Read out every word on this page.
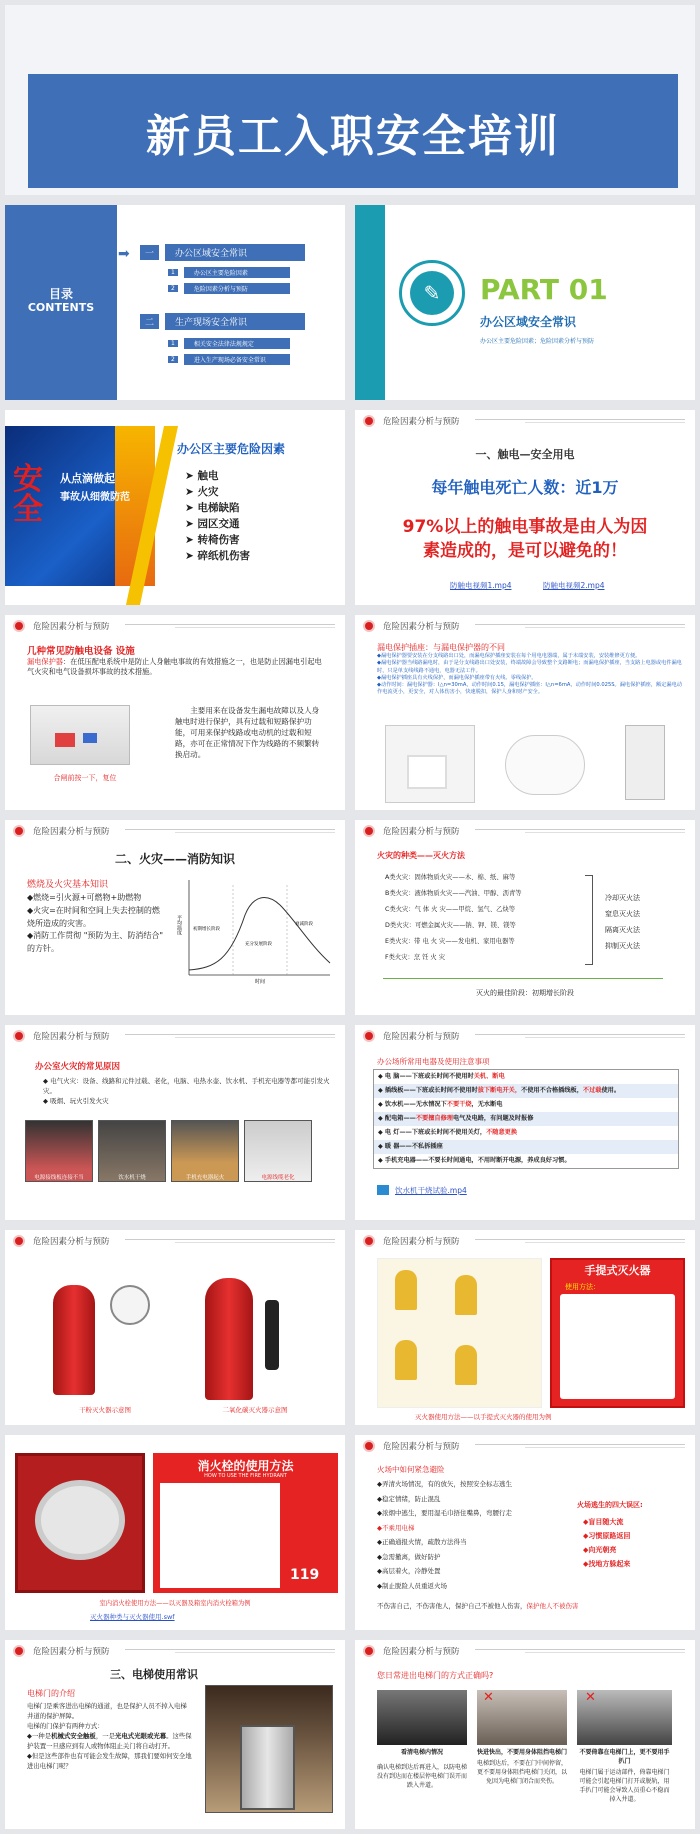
新员工入职安全培训
目录
CONTENTS
➡	一	办公区域安全常识
1	办公区主要危险因素
2	危险因素分析与预防
二	生产现场安全常识
1	相关安全法律法规规定
2	进入生产现场必备安全常识
✎	PART 01
办公区域安全常识
办公区主要危险因素；危险因素分析与预防
安全
从点滴做起
事故从细微防范
办公区主要危险因素
➤ 触电
➤ 火灾
➤ 电梯缺陷
➤ 园区交通
➤ 转椅伤害
➤ 碎纸机伤害
危险因素分析与预防
一、触电—安全用电
每年触电死亡人数：近1万
97%以上的触电事故是由人为因素造成的，是可以避免的！
防触电视频1.mp4	防触电视频2.mp4
危险因素分析与预防
几种常见防触电设备 设施
漏电保护器：在低压配电系统中是防止人身触电事故的有效措施之一，也是防止因漏电引起电气火灾和电气设备损坏事故的技术措施。
合闸前按一下，复位
主要用来在设备发生漏电故障以及人身触电时进行保护，具有过载和短路保护功能，可用来保护线路或电动机的过载和短路，亦可在正常情况下作为线路的不频繁转换启动。
危险因素分析与预防
漏电保护插座：与漏电保护器的不同
◆漏电保护器要安装在分支线路出口处，而漏电保护插座安装在每个用电电器端，属于末端安装，安装维修更方便。
◆漏电保护器当线路漏电时，由于是分支线路出口处安装，终端故障会导致整个支路断电；而漏电保护插座，当支路上电器或电件漏电时，只是单支线线路不通电，电器无法工作。
◆漏电保护插座具有火线保护，而漏电保护插座带有火线、零线保护。
◆动作时间：漏电保护器：I△n=30mA，动作时间0.15，漏电保护插座：I△n=6mA，动作时间0.025S。漏电保护插座，额定漏电动作电流更小，更安全，对人体伤害小，快速脱扣，保护人身和财产安全。
危险因素分析与预防
二、火灾——消防知识
燃烧及火灾基本知识
◆燃烧=引火源+可燃物+助燃物
◆火灾=在时间和空间上失去控制的燃烧所造成的灾害。
◆消防工作贯彻 "预防为主、防消结合" 的方针。
平均温度
时间
初期增长阶段
充分发展阶段
衰减阶段
危险因素分析与预防
火灾的种类——灭火方法
A类火灾：固体物质火灾——木、棉、纸、麻等
B类火灾：液体物质火灾——汽油、甲醇、沥青等
C类火灾：气 体 火 灾——甲烷、氢气、乙炔等
D类火灾：可燃金属火灾——钠、钾、镁、镁等
E类火灾：带 电 火 灾——发电机、家用电器等
F类火灾：烹 饪 火 灾
冷却灭火法
窒息灭火法
隔离灭火法
抑制灭火法
灭火的最佳阶段：初期增长阶段
危险因素分析与预防
办公室火灾的常见原因
◆ 电气火灾：设备、线路和元件过载、老化，电脑、电热水壶、饮水机、手机充电器等都可能引发火灾。
◆ 吸烟、玩火引发火灾
电源接线板连接不当	饮水机干烧	手机充电器起火	电源线缆老化
危险因素分析与预防
办公场所常用电器及使用注意事项
◆ 电 脑——下班或长时间不使用时关机、断电
◆ 插线板——下班或长时间不使用时拔下断电开关，不使用不合格插线板，不过载使用。
◆ 饮水机——无水情况下不要干烧，无水断电
◆ 配电箱——不要擅自修理电气及电路，有问题及时报修
◆ 电 灯——下班或长时间不使用关灯，不随意更换
◆ 暖 器——不私拆插座
◆ 手机充电器——不要长时间通电，不用时断开电源，养成良好习惯。
饮水机干烧试验.mp4
危险因素分析与预防
干粉灭火器示意图	二氧化碳灭火器示意图
危险因素分析与预防
手提式灭火器
使用方法：
灭火器使用方法——以手提式灭火器的使用为例
消火栓的使用方法
HOW TO USE THE FIRE HYDRANT
119
室内消火栓使用方法——以灭器及箱室内消火栓箱为例
灭火器种类与灭火器使用.swf
危险因素分析与预防
火场中如何紧急避险
◆弄清火场情况，有的放矢，按照安全标志逃生
◆稳定情绪，防止混乱
◆浓烟中逃生，要用湿毛巾捂住嘴鼻，弯腰行走
◆不乘用电梯
◆正确通报火情，疏散方法得当
◆急需撤离，做好防护
◆高层着火，冷静处置
◆制止脱险人员重返火场
火场逃生的四大误区:
◆盲目随大流
◆习惯原路返回
◆向光朝亮
◆找地方躲起来
不伤害自己，不伤害他人，保护自己不被他人伤害，保护他人不被伤害
危险因素分析与预防
三、电梯使用常识
电梯门的介绍
电梯门是乘客进出电梯的通道，也是保护人员不掉入电梯井道的保护屏障。
电梯的门保护有两种方式：
◆一种是机械式安全触板，一是光电式光眼或光幕。这些保护装置一旦感应到有人或物体阻止关门将自动打开。
◆但是这些部件也有可能会发生故障，那我们要如何安全地进出电梯门呢？
危险因素分析与预防
您日常进出电梯门的方式正确吗?
✕	✕
看清电梯内情况
确认电梯到达后再进入，以防电梯没有到达而在楼层停电梯门误开而跌入井道。
快进快出，不要用身体阻挡电梯门
电梯到达后，不要在门中间停留，更不要用身体阻挡电梯门关闭，以免因为电梯门闭合而夹伤。
不要倚靠在电梯门上，更不要用手扒门
电梯门属于运动部件，倚靠电梯门可能会引起电梯门打开或脱轨，用手扒门可能会导致人员重心不稳而掉入井道。
